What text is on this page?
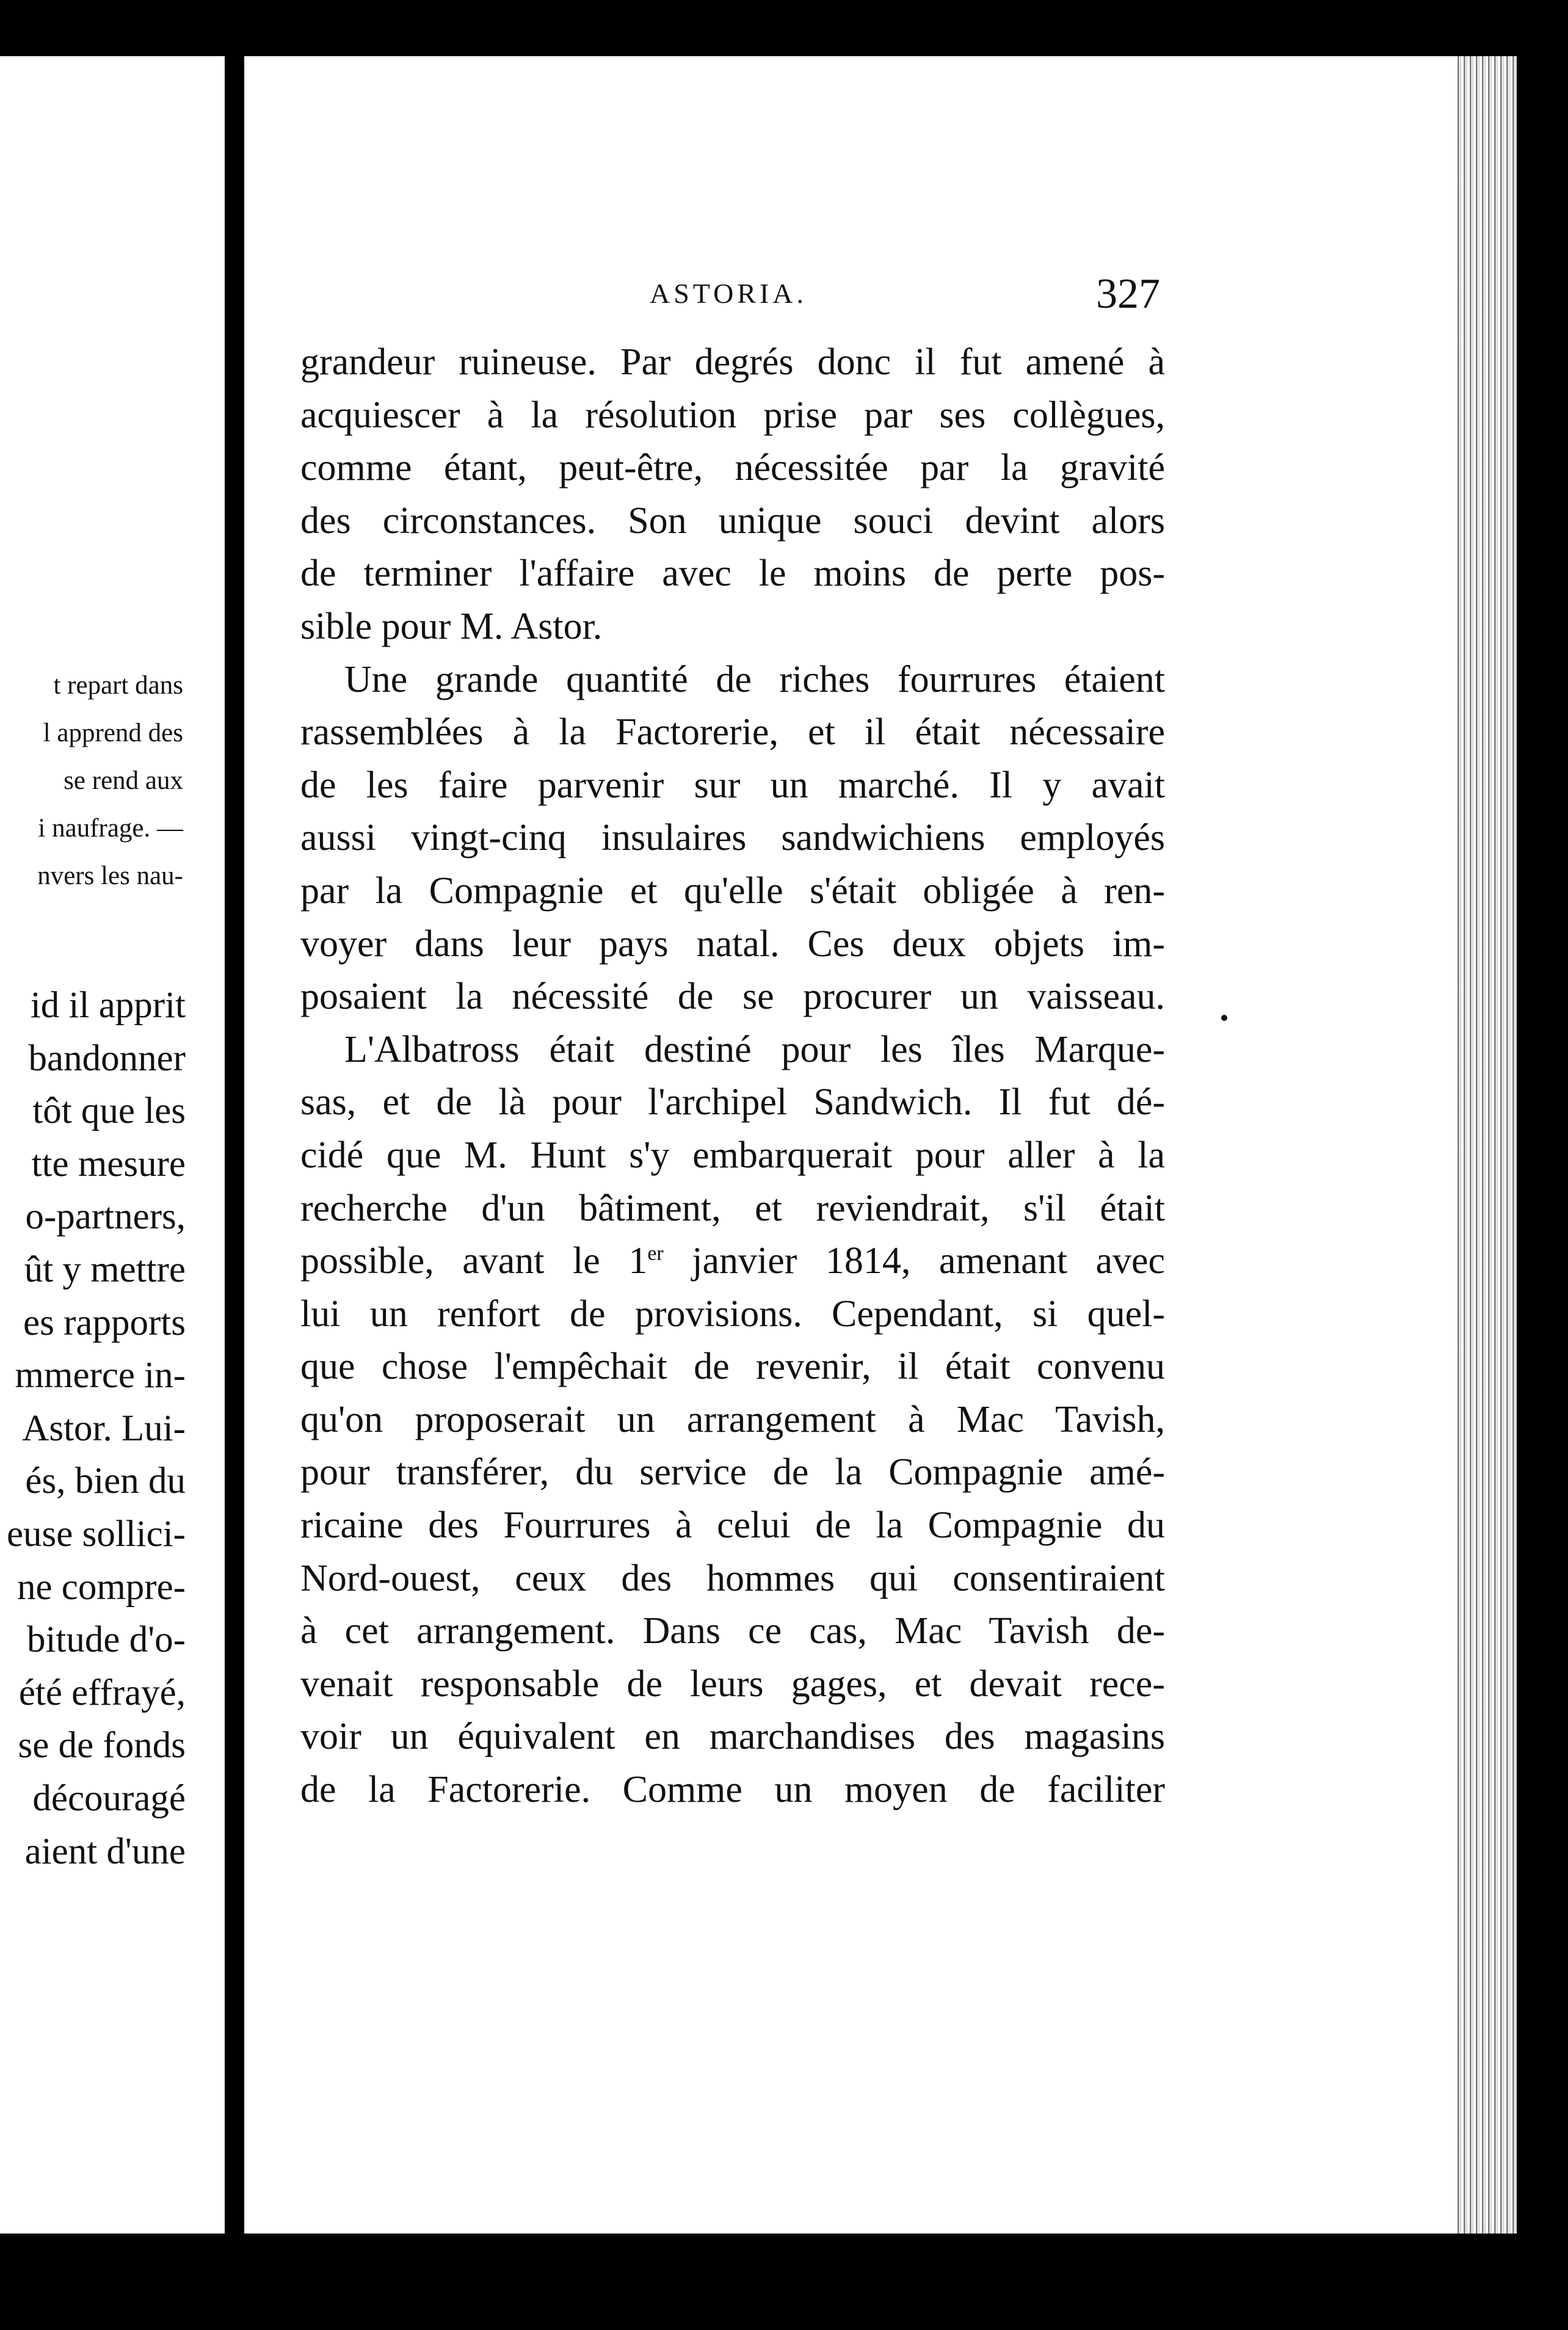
t repart dans
l apprend des
se rend aux
i naufrage. —
nvers les nau-
id il apprit
bandonner
tôt que les
tte mesure
o-partners,
ût y mettre
es rapports
mmerce in-
Astor. Lui-
és, bien du
euse sollici-
ne compre-
bitude d'o-
été effrayé,
se de fonds
découragé
aient d'une
ASTORIA.	327
grandeur ruineuse. Par degrés donc il fut amené à
acquiescer à la résolution prise par ses collègues,
comme étant, peut-être, nécessitée par la gravité
des circonstances. Son unique souci devint alors
de terminer l'affaire avec le moins de perte pos-
sible pour M. Astor.
Une grande quantité de riches fourrures étaient
rassemblées à la Factorerie, et il était nécessaire
de les faire parvenir sur un marché. Il y avait
aussi vingt-cinq insulaires sandwichiens employés
par la Compagnie et qu'elle s'était obligée à ren-
voyer dans leur pays natal. Ces deux objets im-
posaient la nécessité de se procurer un vaisseau.
L'Albatross était destiné pour les îles Marque-
sas, et de là pour l'archipel Sandwich. Il fut dé-
cidé que M. Hunt s'y embarquerait pour aller à la
recherche d'un bâtiment, et reviendrait, s'il était
possible, avant le 1er janvier 1814, amenant avec
lui un renfort de provisions. Cependant, si quel-
que chose l'empêchait de revenir, il était convenu
qu'on proposerait un arrangement à Mac Tavish,
pour transférer, du service de la Compagnie amé-
ricaine des Fourrures à celui de la Compagnie du
Nord-ouest, ceux des hommes qui consentiraient
à cet arrangement. Dans ce cas, Mac Tavish de-
venait responsable de leurs gages, et devait rece-
voir un équivalent en marchandises des magasins
de la Factorerie. Comme un moyen de faciliter
